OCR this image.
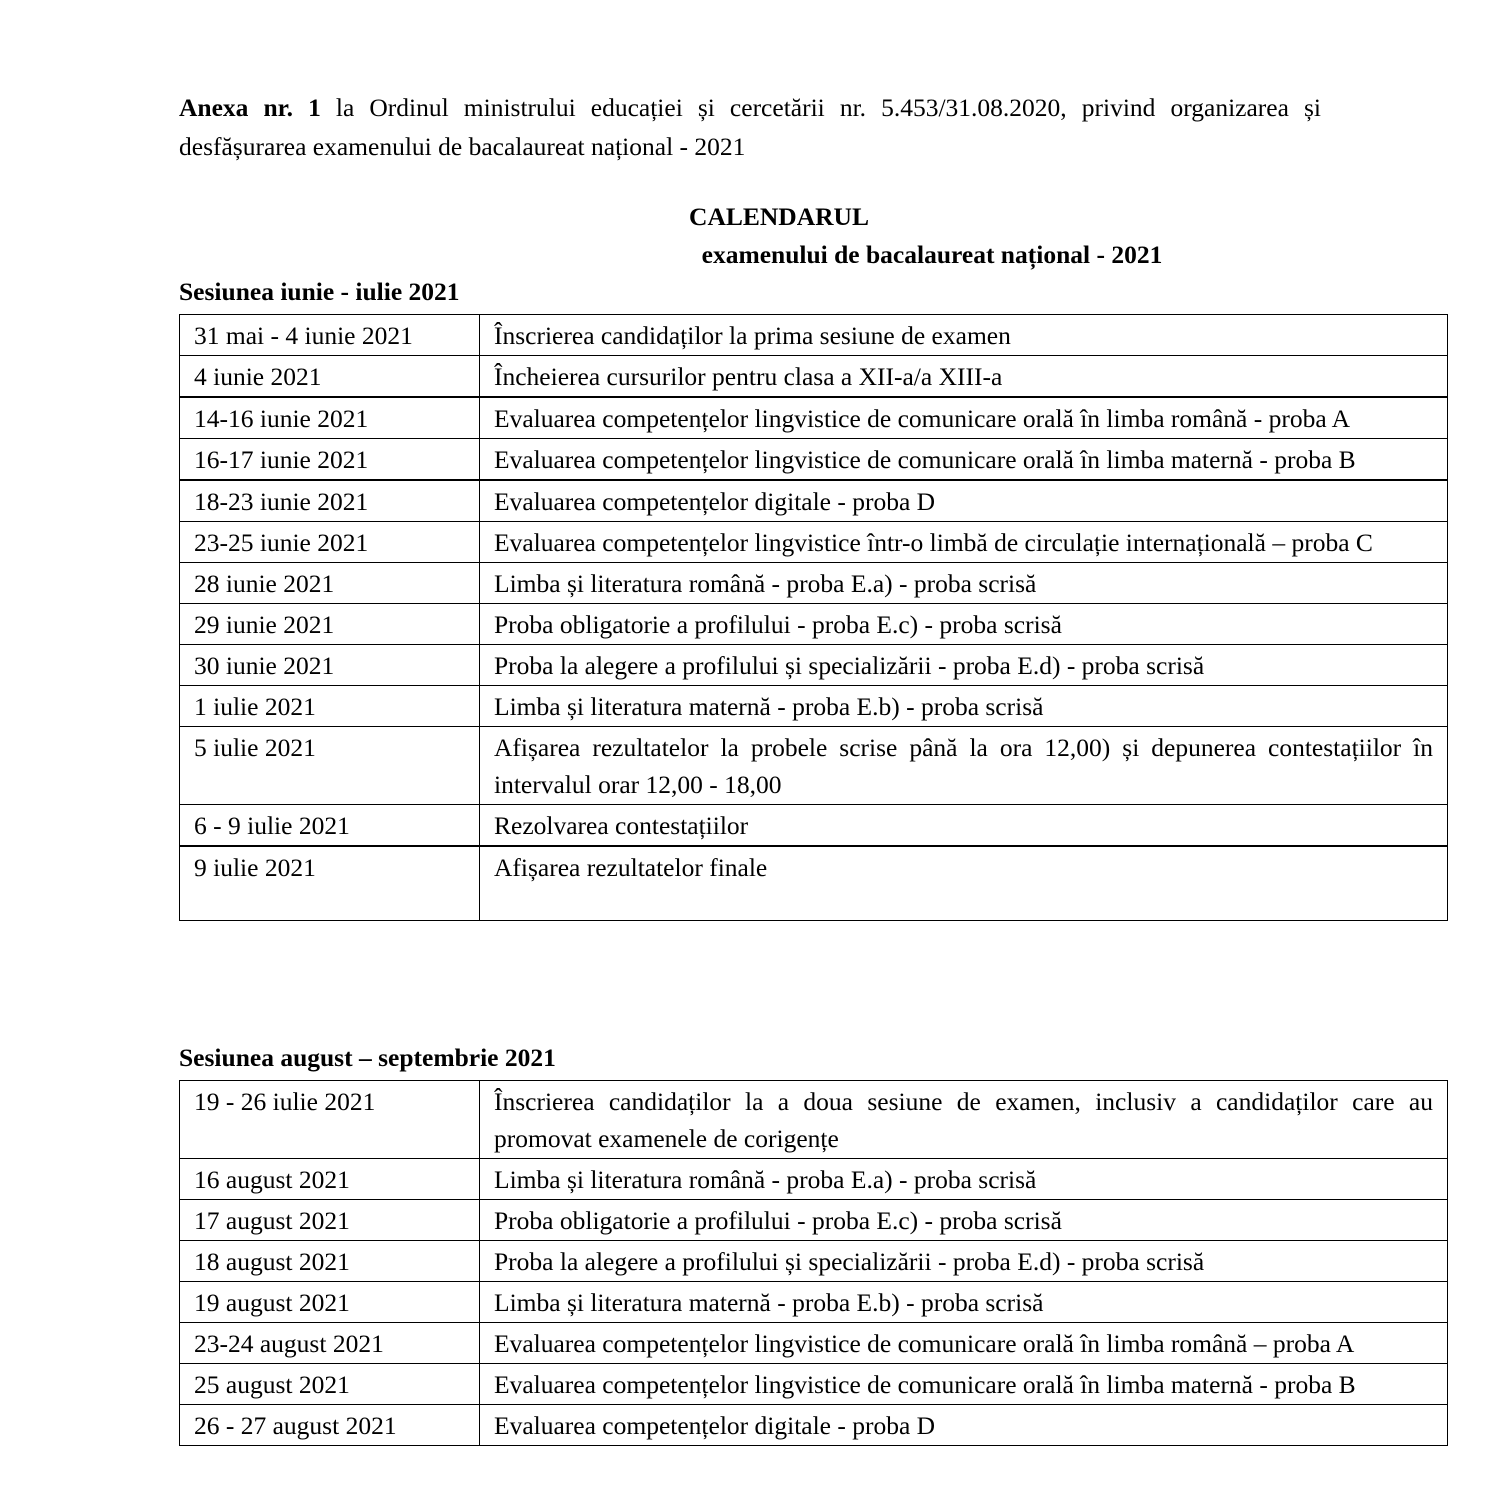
Anexa nr. 1 la Ordinul ministrului educației și cercetării nr. 5.453/31.08.2020, privind organizarea și desfășurarea examenului de bacalaureat național - 2021
CALENDARUL
examenului de bacalaureat național - 2021
Sesiunea iunie - iulie 2021
31 mai - 4 iunie 2021	Înscrierea candidaților la prima sesiune de examen
4 iunie 2021	Încheierea cursurilor pentru clasa a XII-a/a XIII-a
14-16 iunie 2021	Evaluarea competențelor lingvistice de comunicare orală în limba română - proba A
16-17 iunie 2021	Evaluarea competențelor lingvistice de comunicare orală în limba maternă - proba B
18-23 iunie 2021	Evaluarea competențelor digitale - proba D
23-25 iunie 2021	Evaluarea competențelor lingvistice într-o limbă de circulație internațională – proba C
28 iunie 2021	Limba și literatura română - proba E.a) - proba scrisă
29 iunie 2021	Proba obligatorie a profilului - proba E.c) - proba scrisă
30 iunie 2021	Proba la alegere a profilului și specializării - proba E.d) - proba scrisă
1 iulie 2021	Limba și literatura maternă - proba E.b) - proba scrisă
5 iulie 2021	Afișarea rezultatelor la probele scrise până la ora 12,00) și depunerea contestațiilor în intervalul orar 12,00 - 18,00
6 - 9 iulie 2021	Rezolvarea contestațiilor
9 iulie 2021	Afișarea rezultatelor finale
Sesiunea august – septembrie 2021
19 - 26 iulie 2021	Înscrierea candidaților la a doua sesiune de examen, inclusiv a candidaților care au promovat examenele de corigențe
16 august 2021	Limba și literatura română - proba E.a) - proba scrisă
17 august 2021	Proba obligatorie a profilului - proba E.c) - proba scrisă
18 august 2021	Proba la alegere a profilului și specializării - proba E.d) - proba scrisă
19 august 2021	Limba și literatura maternă - proba E.b) - proba scrisă
23-24 august 2021	Evaluarea competențelor lingvistice de comunicare orală în limba română – proba A
25 august 2021	Evaluarea competențelor lingvistice de comunicare orală în limba maternă - proba B
26 - 27 august 2021	Evaluarea competențelor digitale - proba D
